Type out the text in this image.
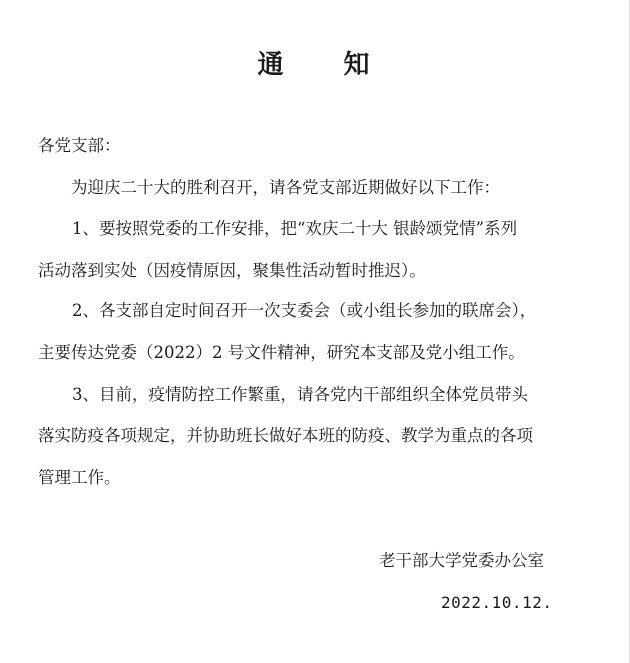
通 知
各党支部：
为迎庆二十大的胜利召开，请各党支部近期做好以下工作：
1、要按照党委的工作安排，把“欢庆二十大 银龄颂党情”系列
活动落到实处（因疫情原因，聚集性活动暂时推迟）。
2、各支部自定时间召开一次支委会（或小组长参加的联席会），
主要传达党委（2022）2 号文件精神，研究本支部及党小组工作。
3、目前，疫情防控工作繁重，请各党内干部组织全体党员带头
落实防疫各项规定，并协助班长做好本班的防疫、教学为重点的各项
管理工作。
老干部大学党委办公室
2022.10.12.
